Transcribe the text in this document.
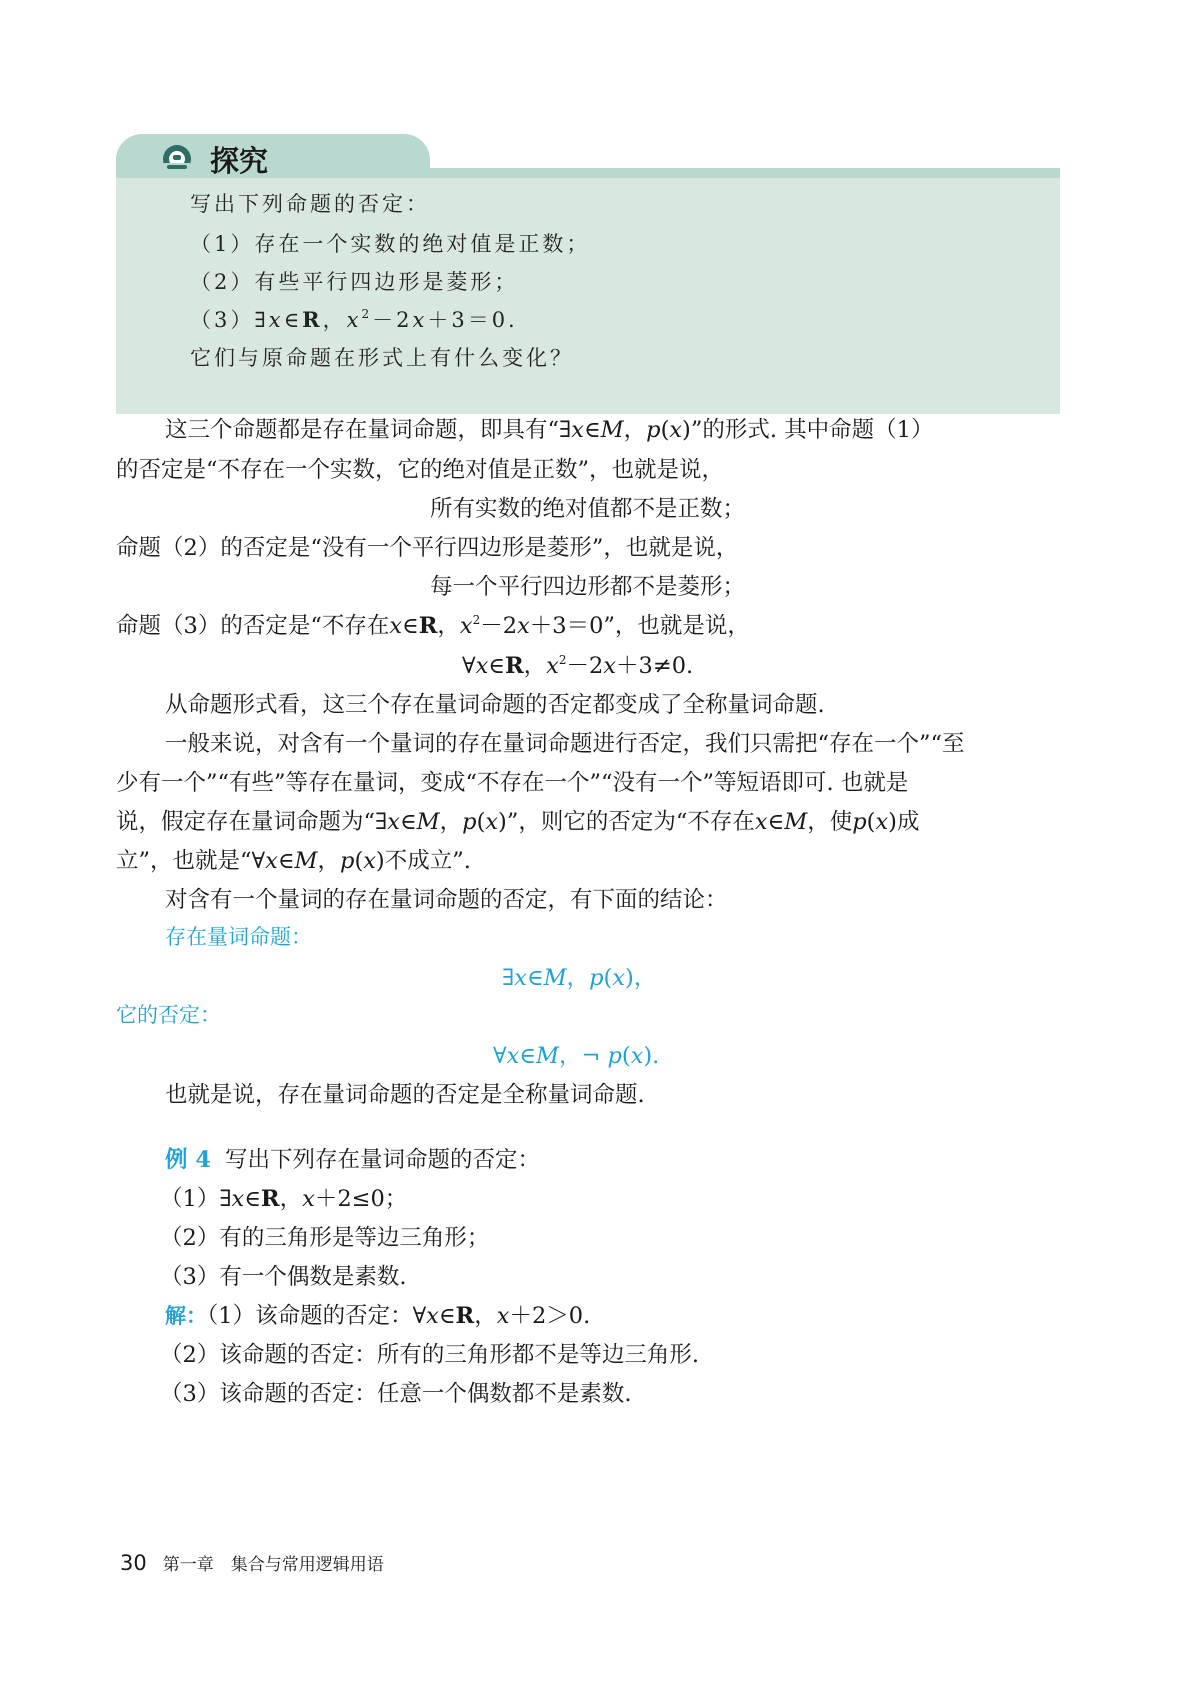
探究
写出下列命题的否定：
（1）存在一个实数的绝对值是正数；
（2）有些平行四边形是菱形；
（3）∃x∈R，$x^2-2x+3=0$.
它们与原命题在形式上有什么变化？
这三个命题都是存在量词命题，即具有“∃x∈M，p(x)”的形式. 其中命题（1）
的否定是“不存在一个实数，它的绝对值是正数”，也就是说，
所有实数的绝对值都不是正数；
命题（2）的否定是“没有一个平行四边形是菱形”，也就是说，
每一个平行四边形都不是菱形；
命题（3）的否定是“不存在x∈R，$x^2-2x+3=0$”，也就是说，
∀x∈R，$x^2-2x+3\ne 0$.
从命题形式看，这三个存在量词命题的否定都变成了全称量词命题.
一般来说，对含有一个量词的存在量词命题进行否定，我们只需把“存在一个”“至
少有一个”“有些”等存在量词，变成“不存在一个”“没有一个”等短语即可. 也就是
说，假定存在量词命题为“∃x∈M，p(x)”，则它的否定为“不存在x∈M，使p(x)成
立”，也就是“∀x∈M，p(x)不成立”.
对含有一个量词的存在量词命题的否定，有下面的结论：
存在量词命题：
∃x∈M，p(x)，
它的否定：
∀x∈M，¬ p(x).
也就是说，存在量词命题的否定是全称量词命题.
例 4 写出下列存在量词命题的否定：
（1）∃x∈R，x＋2≤0；
（2）有的三角形是等边三角形；
（3）有一个偶数是素数.
解：（1）该命题的否定：∀x∈R，x＋2＞0.
（2）该命题的否定：所有的三角形都不是等边三角形.
（3）该命题的否定：任意一个偶数都不是素数.
30 第一章　集合与常用逻辑用语
